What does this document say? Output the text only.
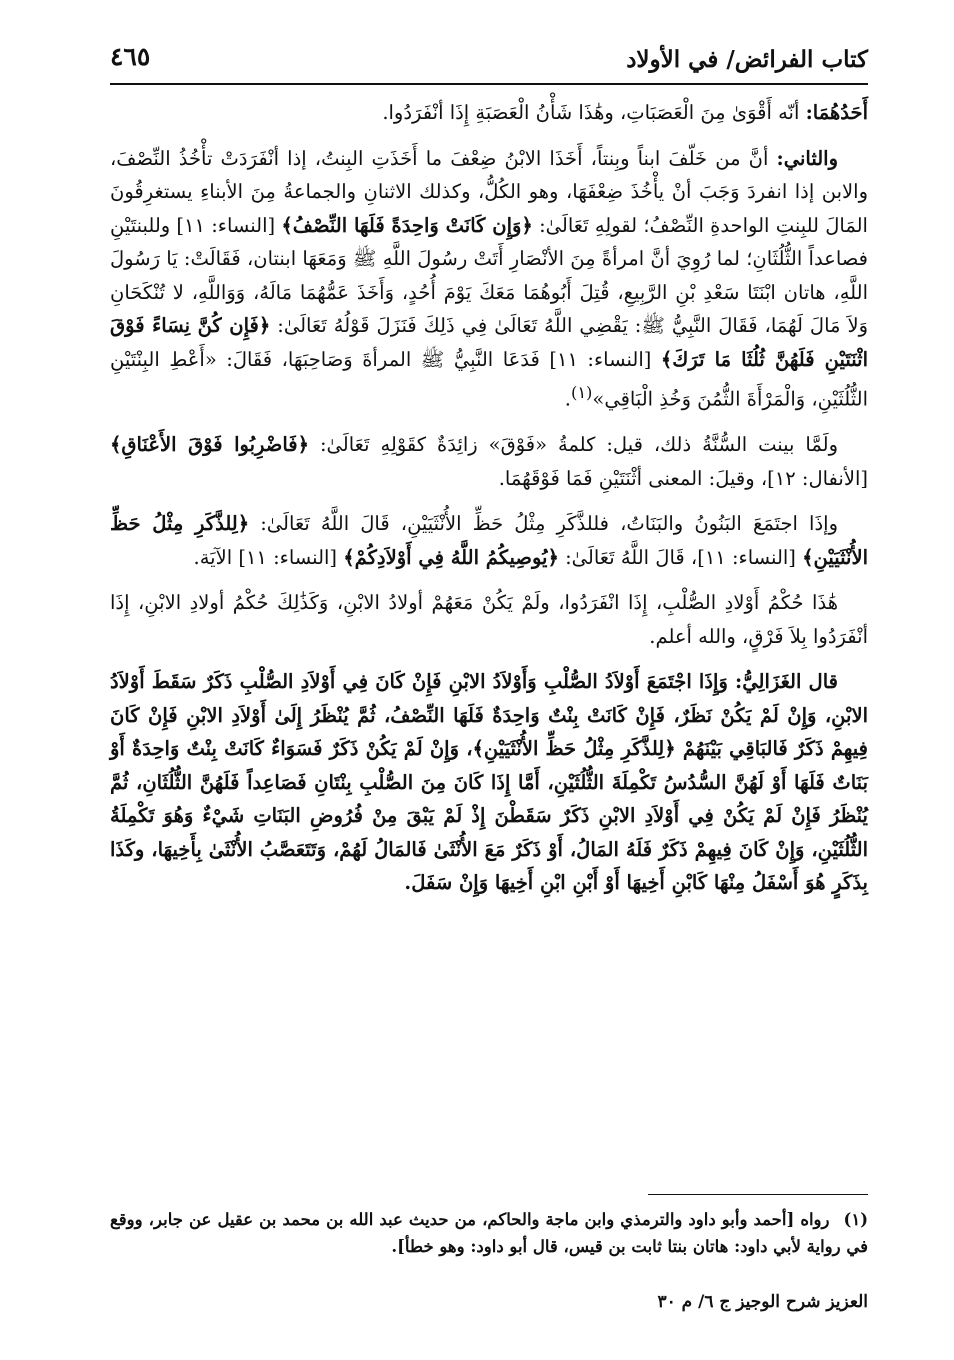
كتاب الفرائض/ في الأولاد
٤٦٥

أَحَدُهُمَا: أنّه أَقْوَىٰ مِنَ الْعَصَبَاتِ، وهَٰذَا شَأْنُ الْعَصَبَةِ إِذَا أنْفَرَدُوا.

والثاني: أنَّ من خَلّفَ ابناً وبِنتاً، أَخَذَا الابْنُ ضِعْفَ ما أَخَذَتِ البِنتُ، إذا أنْفَرَدَتْ تأْخُذُ النِّصْفَ، والابن إذا انفردَ وَجَبَ أنْ يأْخُذَ ضِعْفَهَا، وهو الكُلُّ، وكذلك الاثنانِ والجماعةُ مِنَ الأبناءِ يستغرِقُونَ المَالَ للبِنتِ الواحدةِ النِّصْفُ؛ لقولِهِ تَعَالَىٰ: ﴿وَإِن كَانَتْ وَاحِدَةً فَلَهَا النِّصْفُ﴾ [النساء: ١١] وللبنتَيْنِ فصاعداً الثُّلُثَانِ؛ لما رُوِيَ أنَّ امرأةً مِنَ الأنْصَارِ أَتَتْ رسُولَ اللَّهِ ﷺ وَمَعَهَا ابنتان، فَقَالَتْ: يَا رَسُولَ اللَّهِ، هاتان ابْنَتَا سَعْدِ بْنِ الرَّبِيعِ، قُتِلَ أَبُوهُمَا مَعَكَ يَوْمَ أُحُدٍ، وَأَخَذَ عَمُّهُمَا مَالَهُ، وَوَاللَّهِ، لا تُنْكَحَانِ وَلاَ مَالَ لَهُمَا، فَقَالَ النَّبِيُّ ﷺ: يَقْضِي اللَّهُ تَعَالَىٰ فِي ذَلِكَ فَنَزَلَ قَوْلُهُ تَعَالَىٰ: ﴿فَإِن كُنَّ نِسَاءً فَوْقَ اثْنَتَيْنِ فَلَهُنَّ ثُلُثَا مَا تَرَكَ﴾ [النساء: ١١] فَدَعَا النَّبِيُّ ﷺ المرأةَ وَصَاحِبَهَا، فَقَالَ: «أَعْطِ البِنْتَيْنِ الثُّلُثَيْنِ، وَالْمَرْأَةَ الثُّمُنَ وَخُذِ الْبَاقِي»$^{(١)}$.

ولَمَّا بينت السُّنَّةُ ذلك، قيل: كلمةُ «فَوْقَ» زائِدَةٌ كقَوْلِهِ تَعَالَىٰ: ﴿فَاضْرِبُوا فَوْقَ الأَعْنَاقِ﴾ [الأنفال: ١٢]، وقيلَ: المعنى أثْنَتَيْنِ فَمَا فَوْقَهُمَا.

وإذَا اجتَمَعَ البَنُونُ والبَنَاتُ، فللذَّكَرِ مِثْلُ حَظِّ الأُنْثَيَيْنِ، قَالَ اللَّهُ تَعَالَىٰ: ﴿لِلذَّكَرِ مِثْلُ حَظِّ الأُنْثَيَيْنِ﴾ [النساء: ١١]، قَالَ اللَّهُ تَعَالَىٰ: ﴿يُوصِيكُمُ اللَّهُ فِي أَوْلاَدِكُمْ﴾ [النساء: ١١] الآيَة.

هَٰذَا حُكْمُ أَوْلادِ الصُّلْبِ، إِذَا انْفَرَدُوا، ولَمْ يَكُنْ مَعَهُمْ أولادُ الابْنِ، وَكَذَٰلِكَ حُكْمُ أولادِ الابْنِ، إِذَا أنْفَرَدُوا بِلاَ فَرْقٍ، والله أعلم.

قال الغَزَالِيُّ: وَإِذَا اجْتَمَعَ أَوْلاَدُ الصُّلْبِ وَأَوْلاَدُ الابْنِ فَإِنْ كَانَ فِي أَوْلاَدِ الصُّلْبِ ذَكَرٌ سَقَطَ أَوْلاَدُ الابْنِ، وَإِنْ لَمْ يَكُنْ نَظَرٌ، فَإِنْ كَانَتْ بِنْتٌ وَاحِدَةٌ فَلَهَا النِّصْفُ، ثُمَّ يُنْظَرُ إِلَىٰ أَوْلاَدِ الابْنِ فَإِنْ كَانَ فِيهِمْ ذَكَرٌ فَالبَاقِي بَيْنَهُمْ ﴿لِلذَّكَرِ مِثْلُ حَظِّ الأُنْثَيَيْنِ﴾، وَإِنْ لَمْ يَكُنْ ذَكَرٌ فَسَوَاءٌ كَانَتْ بِنْتٌ وَاحِدَةٌ أَوْ بَنَاتٌ فَلَهَا أَوْ لَهُنَّ السُّدُسُ تَكْمِلَةَ الثُّلُثَيْنِ، أَمَّا إِذَا كَانَ مِنَ الصُّلْبِ بِنْتَانِ فَصَاعِداً فَلَهُنَّ الثُّلُثَانِ، ثُمَّ يُنْظَرُ فَإِنْ لَمْ يَكُنْ فِي أَوْلاَدِ الابْنِ ذَكَرٌ سَقَطْنَ إِذْ لَمْ يَبْقَ مِنْ فُرُوضِ البَنَاتِ شَيْءٌ وَهُوَ تَكْمِلَةُ الثُّلُثَيْنِ، وَإِنْ كَانَ فِيهِمْ ذَكَرٌ فَلَهُ المَالُ، أَوْ ذَكَرٌ مَعَ الأُنْثَىٰ فَالمَالُ لَهُمْ، وَتَتَعَصَّبُ الأُنْثَىٰ بِأَخِيهَا، وكَذَا بِذَكَرٍ هُوَ أَسْفَلُ مِنْهَا كَابْنِ أَخِيهَا أَوْ أَبْنِ ابْنِ أَخِيهَا وَإِنْ سَفَلَ.

(١)رواه [أحمد وأبو داود والترمذي وابن ماجة والحاكم، من حديث عبد الله بن محمد بن عقيل عن جابر، ووقع في رواية لأبي داود: هاتان بنتا ثابت بن قيس، قال أبو داود: وهو خطأ].
العزيز شرح الوجيز ج ٦/ م ٣٠
